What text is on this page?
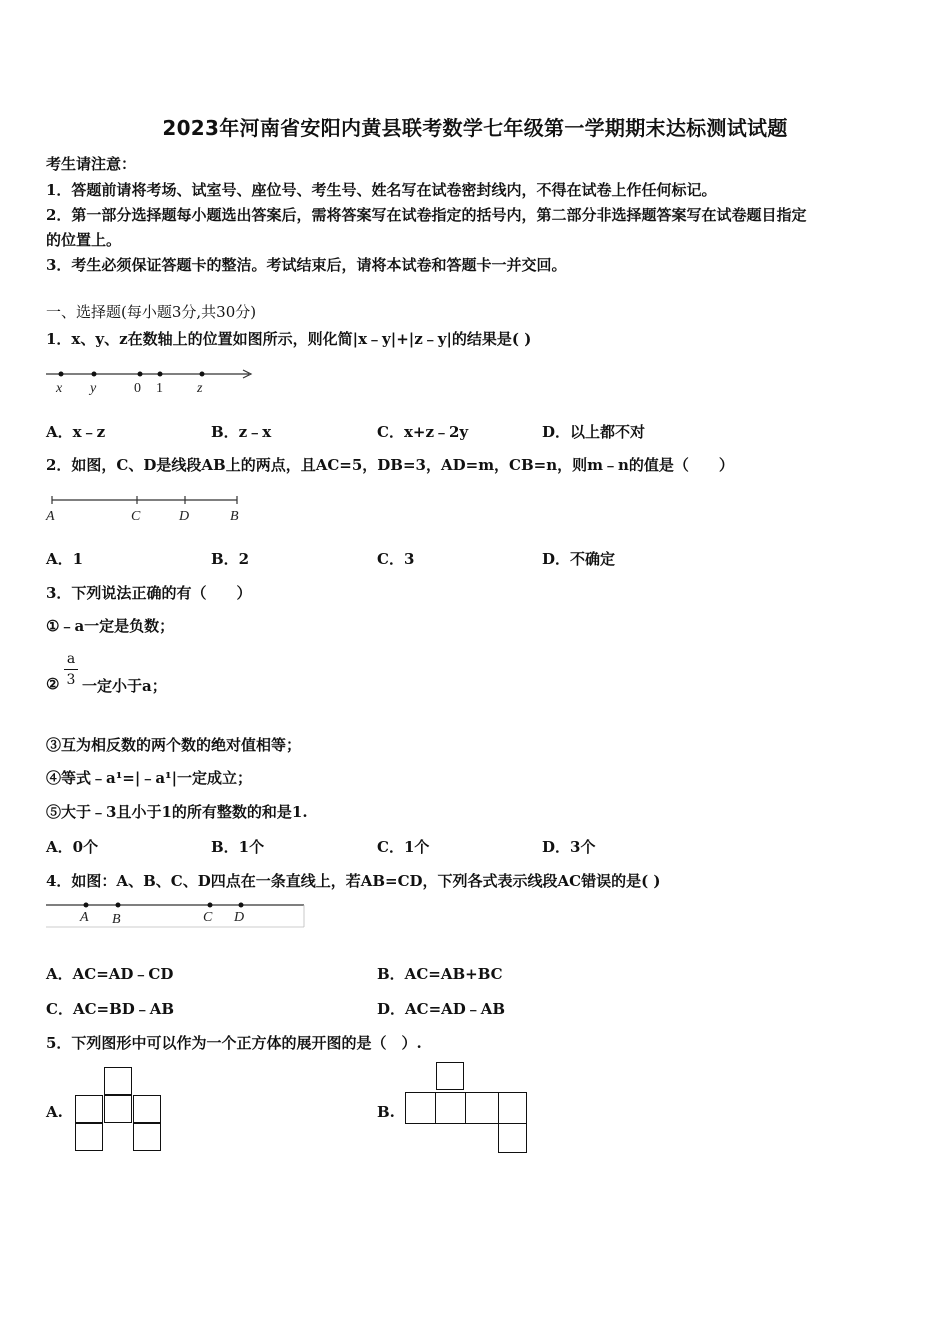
2023年河南省安阳内黄县联考数学七年级第一学期期末达标测试试题
考生请注意：
1．答题前请将考场、试室号、座位号、考生号、姓名写在试卷密封线内，不得在试卷上作任何标记。
2．第一部分选择题每小题选出答案后，需将答案写在试卷指定的括号内，第二部分非选择题答案写在试卷题目指定
的位置上。
3．考生必须保证答题卡的整洁。考试结束后，请将本试卷和答题卡一并交回。
一、选择题(每小题3分,共30分)
1．x、y、z在数轴上的位置如图所示，则化简|x﹣y|+|z﹣y|的结果是( )
x y	0 1 z
A．x﹣z	B．z﹣x	C．x+z﹣2y	D．以上都不对
2．如图，C、D是线段AB上的两点，且AC=5，DB=3，AD=m，CB=n，则m﹣n的值是（　　）
A	C	D	B
A．1	B．2	C．3	D．不确定
3．下列说法正确的有（　　）
①﹣a一定是负数；
a
3
② 一定小于a；
③互为相反数的两个数的绝对值相等；
④等式﹣a¹=|﹣a¹|一定成立；
⑤大于﹣3且小于1的所有整数的和是1.
A．0个	B．1个	C．1个	D．3个
4．如图：A、B、C、D四点在一条直线上，若AB=CD，下列各式表示线段AC错误的是( )
A B	C D
A．AC=AD﹣CD	B．AC=AB+BC
C．AC=BD﹣AB	D．AC=AD﹣AB
5．下列图形中可以作为一个正方体的展开图的是（　）.
A.	B.
